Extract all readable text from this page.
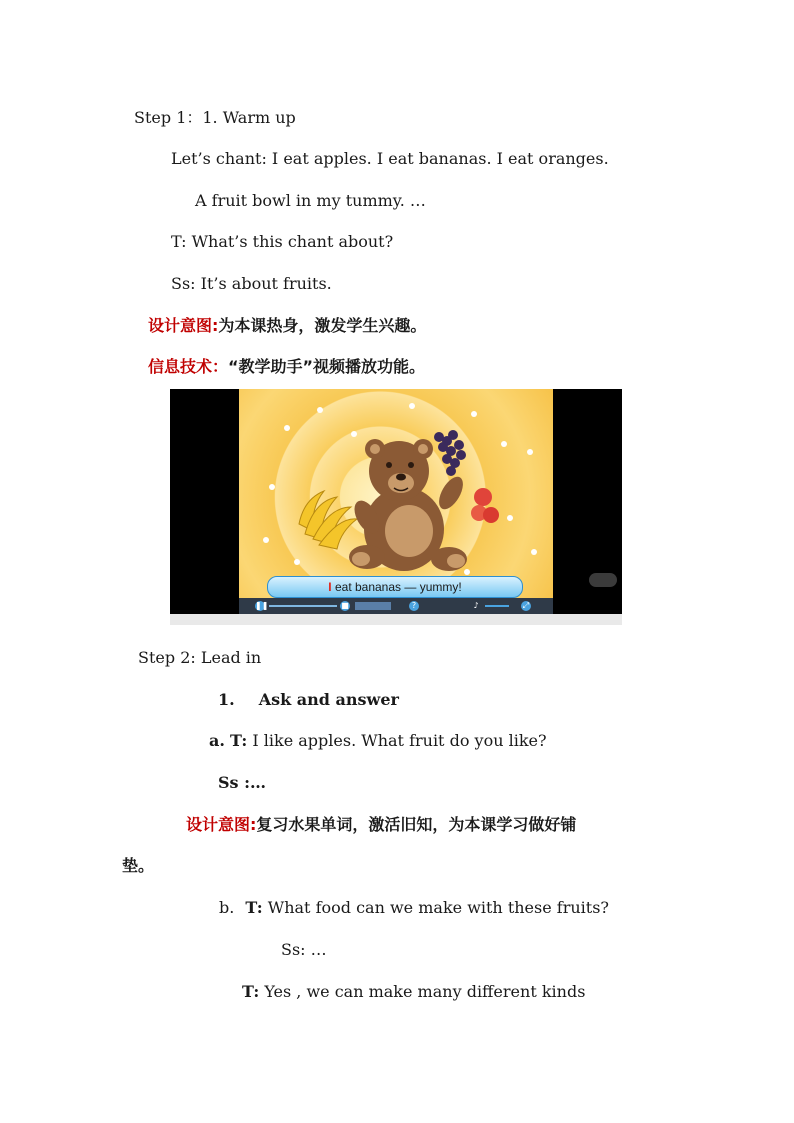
Step 1：1. Warm up
Let’s chant: I eat apples. I eat bananas. I eat oranges.
A fruit bowl in my tummy. …
T: What’s this chant about?
Ss: It’s about fruits.
设计意图:为本课热身，激发学生兴趣。
信息技术：“教学助手”视频播放功能。
I eat bananas — yummy!
❚❚	■	?	♪	⤢
Step 2: Lead in
1. Ask and answer
a. T: I like apples. What fruit do you like?
Ss :…
设计意图:复习水果单词，激活旧知，为本课学习做好铺
垫。
b. T: What food can we make with these fruits?
Ss: …
T: Yes , we can make many different kinds
